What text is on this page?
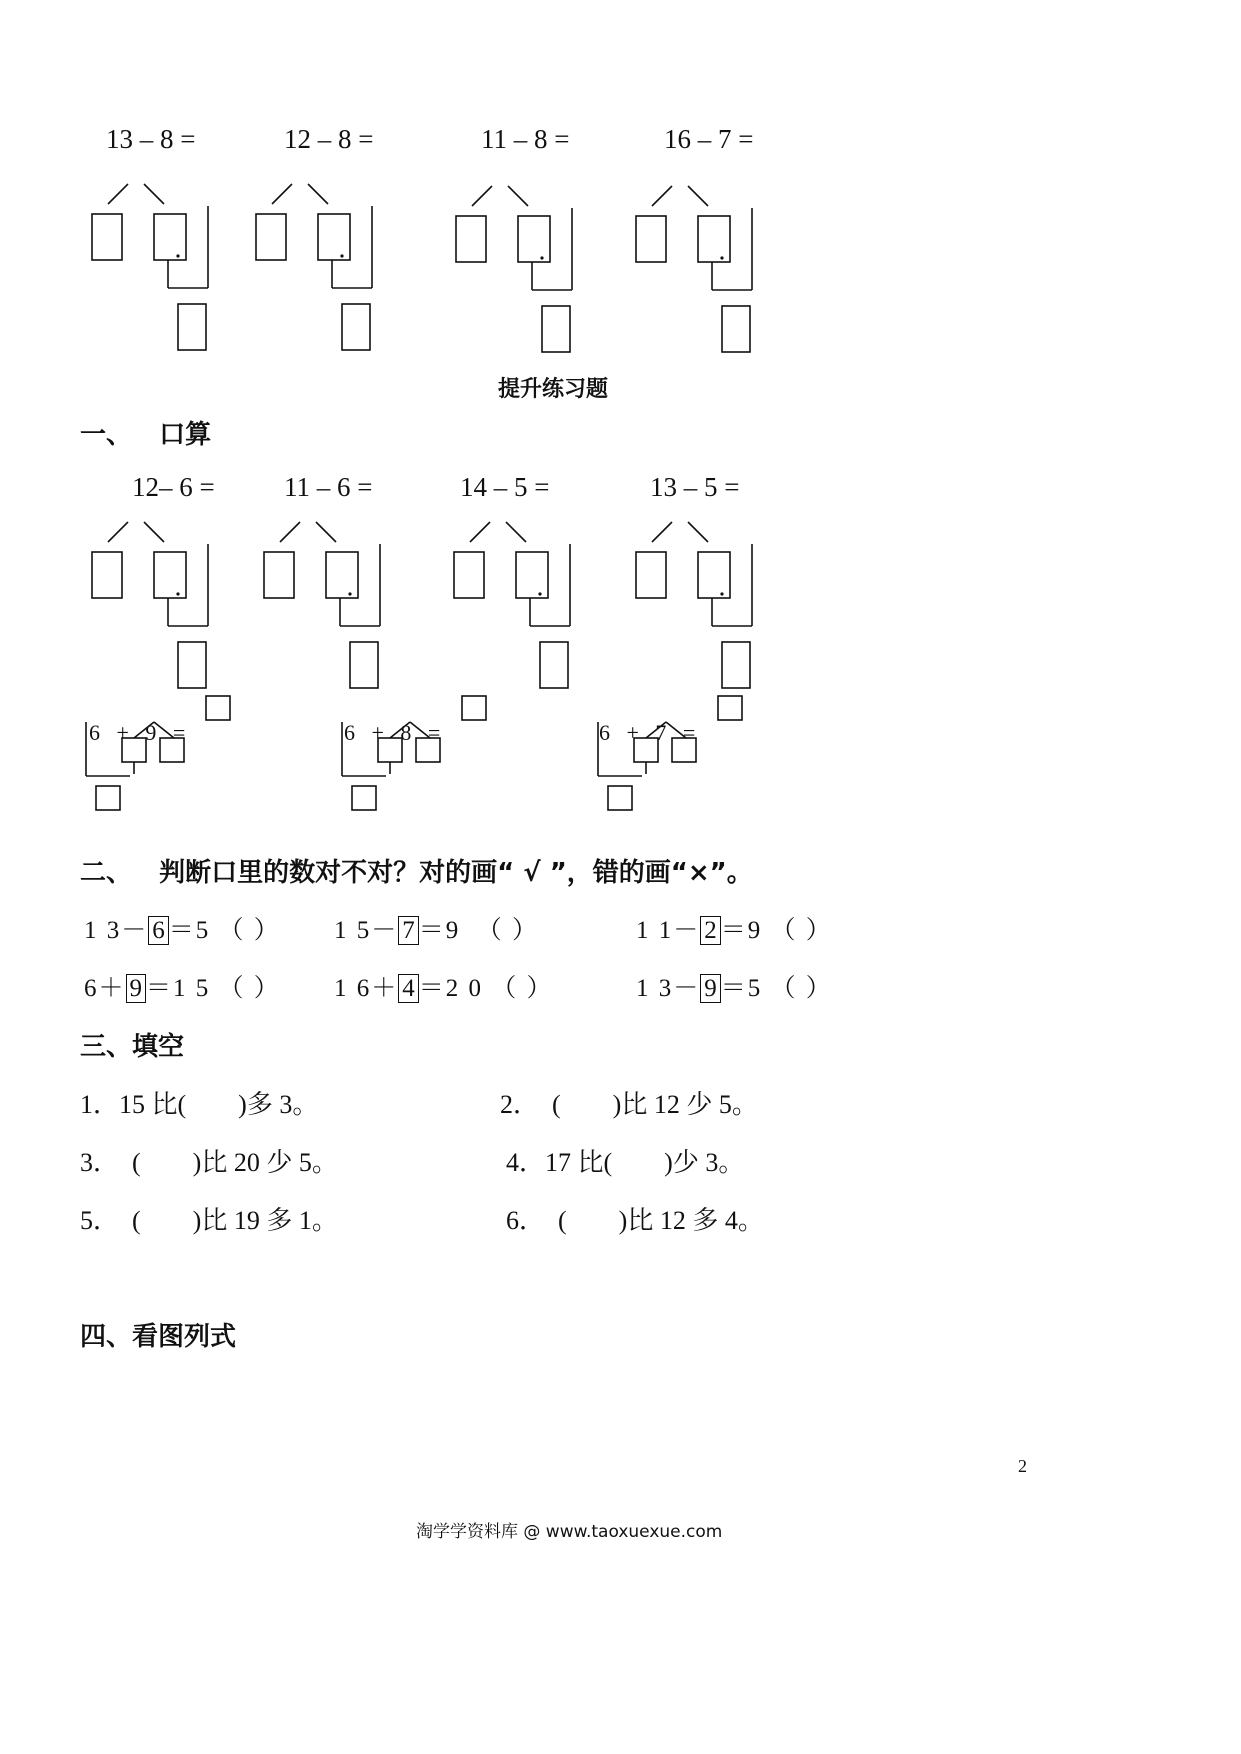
13 – 8 =	12 – 8 =	11 – 8 =	16 – 7 =
提升练习题
一、   口算
12– 6 =	11 – 6 =	14 – 5 =	13 – 5 =

6 + 9 =	6 + 8 =	6 + 7 =

二、   判断口里的数对不对？对的画“ √ ”，错的画“×”。
1 3－ 6 ＝5 （ ） 1 5－ 7 ＝9  （ ）	1 1－ 2 ＝9 （ ）
6＋ 9 ＝1 5 （ ） 1 6＋ 4 ＝2 0 （ ）	1 3－ 9 ＝5 （ ）
三、填空
1．15 比(        )多 3。	2．  (        )比 12 少 5。
3．  (        )比 20 少 5。	4．17 比(        )少 3。
5．  (        )比 19 多 1。	6．  (        )比 12 多 4。
四、看图列式
2
淘学学资料库 @ www.taoxuexue.com
